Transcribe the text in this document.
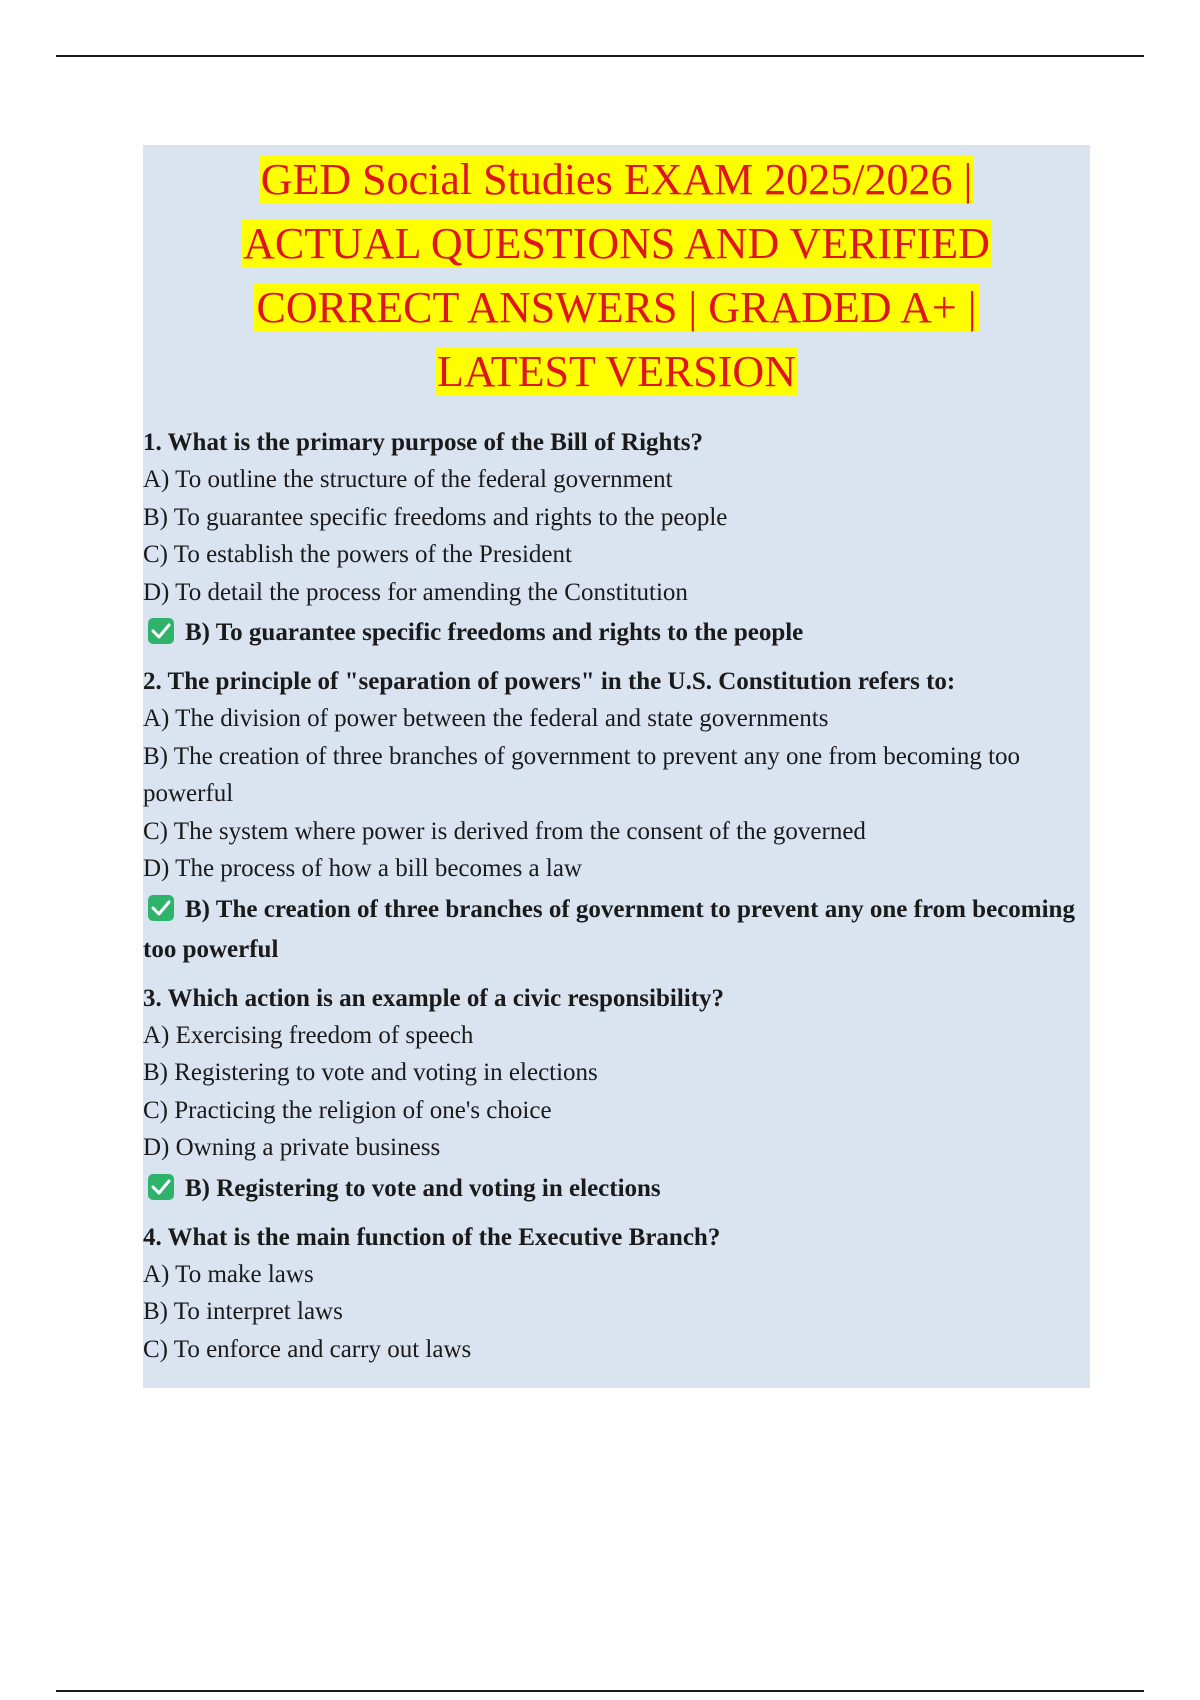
GED Social Studies EXAM 2025/2026 |
ACTUAL QUESTIONS AND VERIFIED
CORRECT ANSWERS | GRADED A+ |
LATEST VERSION
1. What is the primary purpose of the Bill of Rights?
A) To outline the structure of the federal government
B) To guarantee specific freedoms and rights to the people
C) To establish the powers of the President
D) To detail the process for amending the Constitution
B) To guarantee specific freedoms and rights to the people
2. The principle of "separation of powers" in the U.S. Constitution refers to:
A) The division of power between the federal and state governments
B) The creation of three branches of government to prevent any one from becoming too powerful
C) The system where power is derived from the consent of the governed
D) The process of how a bill becomes a law
B) The creation of three branches of government to prevent any one from becoming too powerful
3. Which action is an example of a civic responsibility?
A) Exercising freedom of speech
B) Registering to vote and voting in elections
C) Practicing the religion of one's choice
D) Owning a private business
B) Registering to vote and voting in elections
4. What is the main function of the Executive Branch?
A) To make laws
B) To interpret laws
C) To enforce and carry out laws
